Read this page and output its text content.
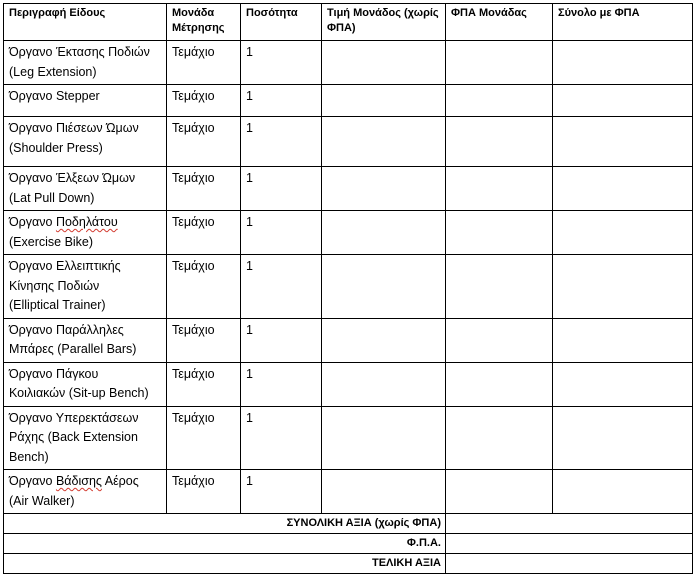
Περιγραφή Είδους	Μονάδα Μέτρησης	Ποσότητα	Τιμή Μονάδος (χωρίς ΦΠΑ)	ΦΠΑ Μονάδας	Σύνολο με ΦΠΑ

Όργανο Έκτασης Ποδιών
(Leg Extension)	Τεμάχιο	1			

Όργανο Stepper	Τεμάχιο	1			

Όργανο Πιέσεων Ώμων
(Shoulder Press)	Τεμάχιο	1			

Όργανο Έλξεων Ώμων
(Lat Pull Down)	Τεμάχιο	1			

Όργανο Ποδηλάτου
(Exercise Bike)	Τεμάχιο	1			

Όργανο Ελλειπτικής
Κίνησης Ποδιών
(Elliptical Trainer)	Τεμάχιο	1			

Όργανο Παράλληλες
Μπάρες (Parallel Bars)	Τεμάχιο	1			

Όργανο Πάγκου
Κοιλιακών (Sit-up Bench)	Τεμάχιο	1			

Όργανο Υπερεκτάσεων
Ράχης (Back Extension
Bench)	Τεμάχιο	1			

Όργανο Βάδισης Αέρος
(Air Walker)	Τεμάχιο	1			
ΣΥΝΟΛΙΚΗ ΑΞΙΑ (χωρίς ΦΠΑ)					
Φ.Π.Α.					
ΤΕΛΙΚΗ ΑΞΙΑ					
